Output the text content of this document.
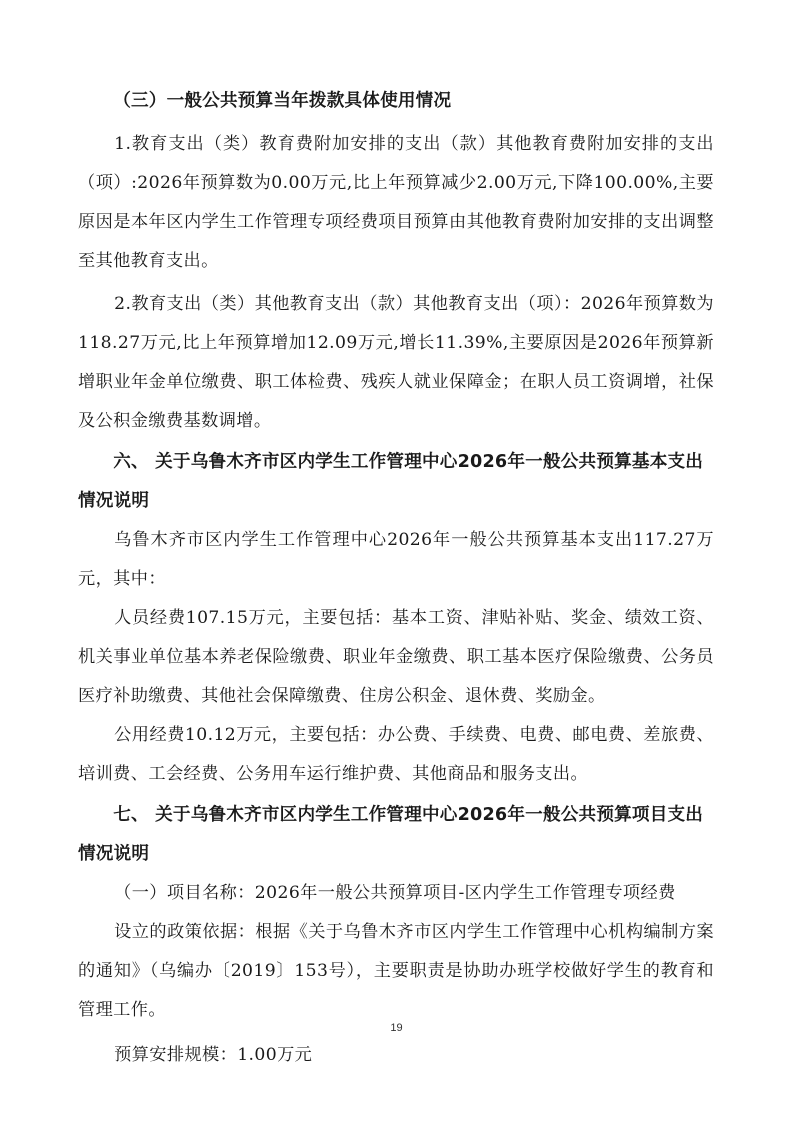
（三）一般公共预算当年拨款具体使用情况

1.教育支出（类）教育费附加安排的支出（款）其他教育费附加安排的支出（项）:2026年预算数为0.00万元,比上年预算减少2.00万元,下降100.00%,主要原因是本年区内学生工作管理专项经费项目预算由其他教育费附加安排的支出调整至其他教育支出。

2.教育支出（类）其他教育支出（款）其他教育支出（项）：2026年预算数为118.27万元,比上年预算增加12.09万元,增长11.39%,主要原因是2026年预算新增职业年金单位缴费、职工体检费、残疾人就业保障金；在职人员工资调增，社保及公积金缴费基数调增。

六、 关于乌鲁木齐市区内学生工作管理中心2026年一般公共预算基本支出情况说明

乌鲁木齐市区内学生工作管理中心2026年一般公共预算基本支出117.27万元，其中：

人员经费107.15万元，主要包括：基本工资、津贴补贴、奖金、绩效工资、机关事业单位基本养老保险缴费、职业年金缴费、职工基本医疗保险缴费、公务员医疗补助缴费、其他社会保障缴费、住房公积金、退休费、奖励金。

公用经费10.12万元，主要包括：办公费、手续费、电费、邮电费、差旅费、培训费、工会经费、公务用车运行维护费、其他商品和服务支出。

七、 关于乌鲁木齐市区内学生工作管理中心2026年一般公共预算项目支出情况说明

（一）项目名称：2026年一般公共预算项目-区内学生工作管理专项经费

设立的政策依据：根据《关于乌鲁木齐市区内学生工作管理中心机构编制方案的通知》（乌编办〔2019〕153号），主要职责是协助办班学校做好学生的教育和管理工作。

预算安排规模：1.00万元

19
